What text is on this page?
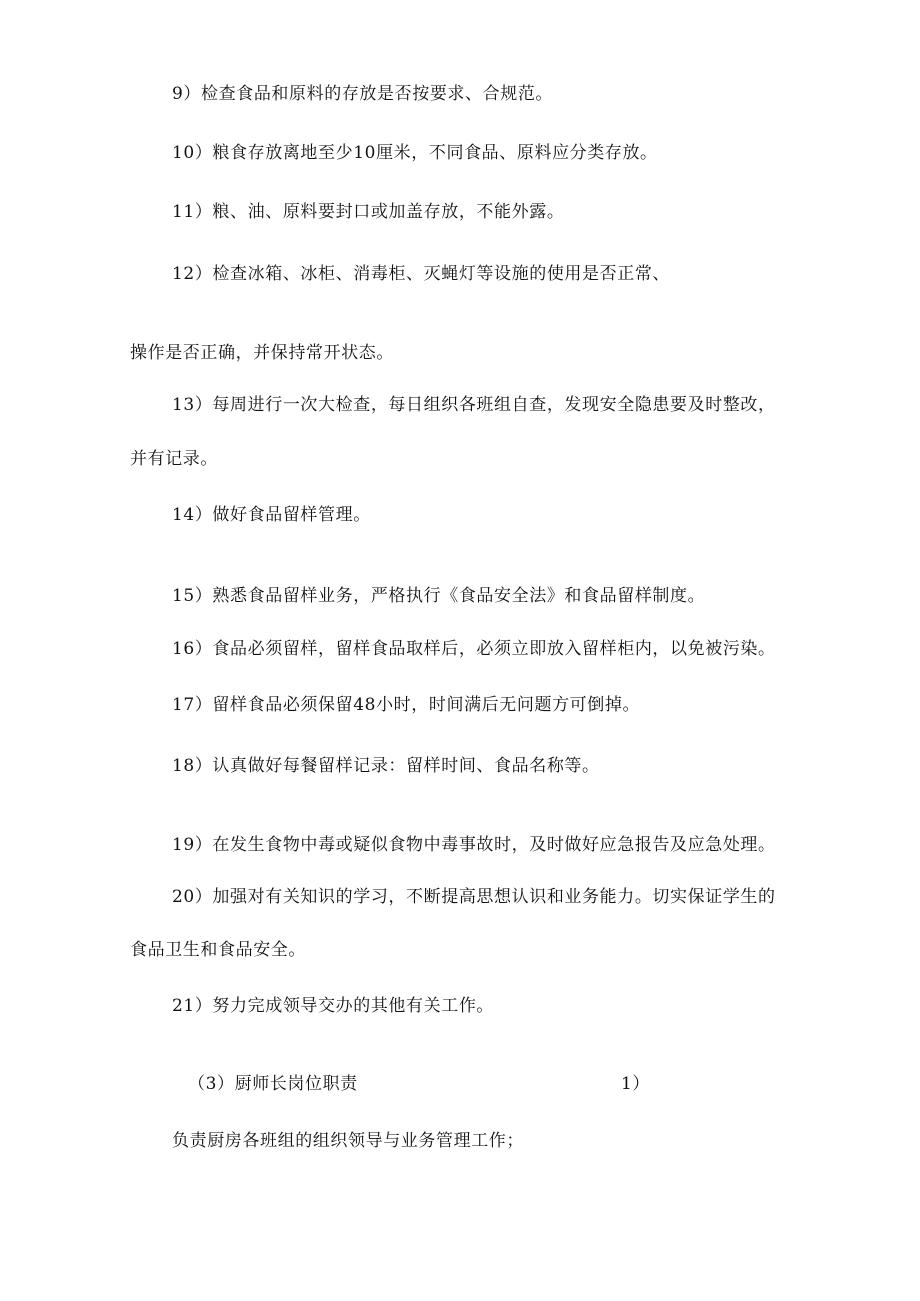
9）检查食品和原料的存放是否按要求、合规范。
10）粮食存放离地至少10厘米，不同食品、原料应分类存放。
11）粮、油、原料要封口或加盖存放，不能外露。
12）检查冰箱、冰柜、消毒柜、灭蝇灯等设施的使用是否正常、
操作是否正确，并保持常开状态。
13）每周进行一次大检查，每日组织各班组自查，发现安全隐患要及时整改，
并有记录。
14）做好食品留样管理。
15）熟悉食品留样业务，严格执行《食品安全法》和食品留样制度。
16）食品必须留样，留样食品取样后，必须立即放入留样柜内，以免被污染。
17）留样食品必须保留48小时，时间满后无问题方可倒掉。
18）认真做好每餐留样记录：留样时间、食品名称等。
19）在发生食物中毒或疑似食物中毒事故时，及时做好应急报告及应急处理。
20）加强对有关知识的学习，不断提高思想认识和业务能力。切实保证学生的
食品卫生和食品安全。
21）努力完成领导交办的其他有关工作。
（3）厨师长岗位职责	1）
负责厨房各班组的组织领导与业务管理工作；
